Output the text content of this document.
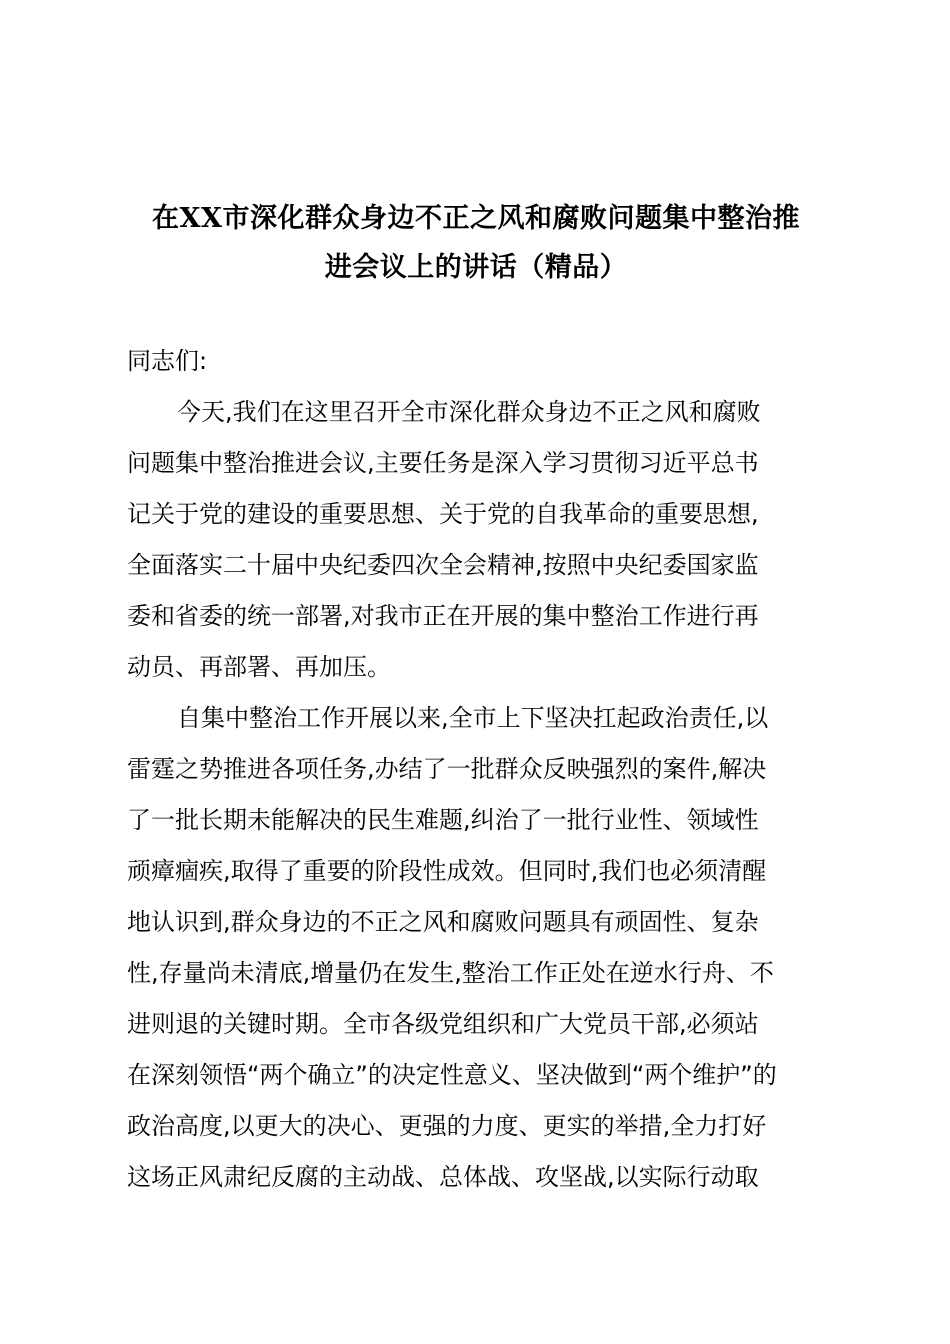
在XX市深化群众身边不正之风和腐败问题集中整治推
进会议上的讲话（精品）

同志们:

今天,我们在这里召开全市深化群众身边不正之风和腐败
问题集中整治推进会议,主要任务是深入学习贯彻习近平总书
记关于党的建设的重要思想、关于党的自我革命的重要思想,
全面落实二十届中央纪委四次全会精神,按照中央纪委国家监
委和省委的统一部署,对我市正在开展的集中整治工作进行再
动员、再部署、再加压。

自集中整治工作开展以来,全市上下坚决扛起政治责任,以
雷霆之势推进各项任务,办结了一批群众反映强烈的案件,解决
了一批长期未能解决的民生难题,纠治了一批行业性、领域性
顽瘴痼疾,取得了重要的阶段性成效。但同时,我们也必须清醒
地认识到,群众身边的不正之风和腐败问题具有顽固性、复杂
性,存量尚未清底,增量仍在发生,整治工作正处在逆水行舟、不
进则退的关键时期。全市各级党组织和广大党员干部,必须站
在深刻领悟“两个确立”的决定性意义、坚决做到“两个维护”的
政治高度,以更大的决心、更强的力度、更实的举措,全力打好
这场正风肃纪反腐的主动战、总体战、攻坚战,以实际行动取
